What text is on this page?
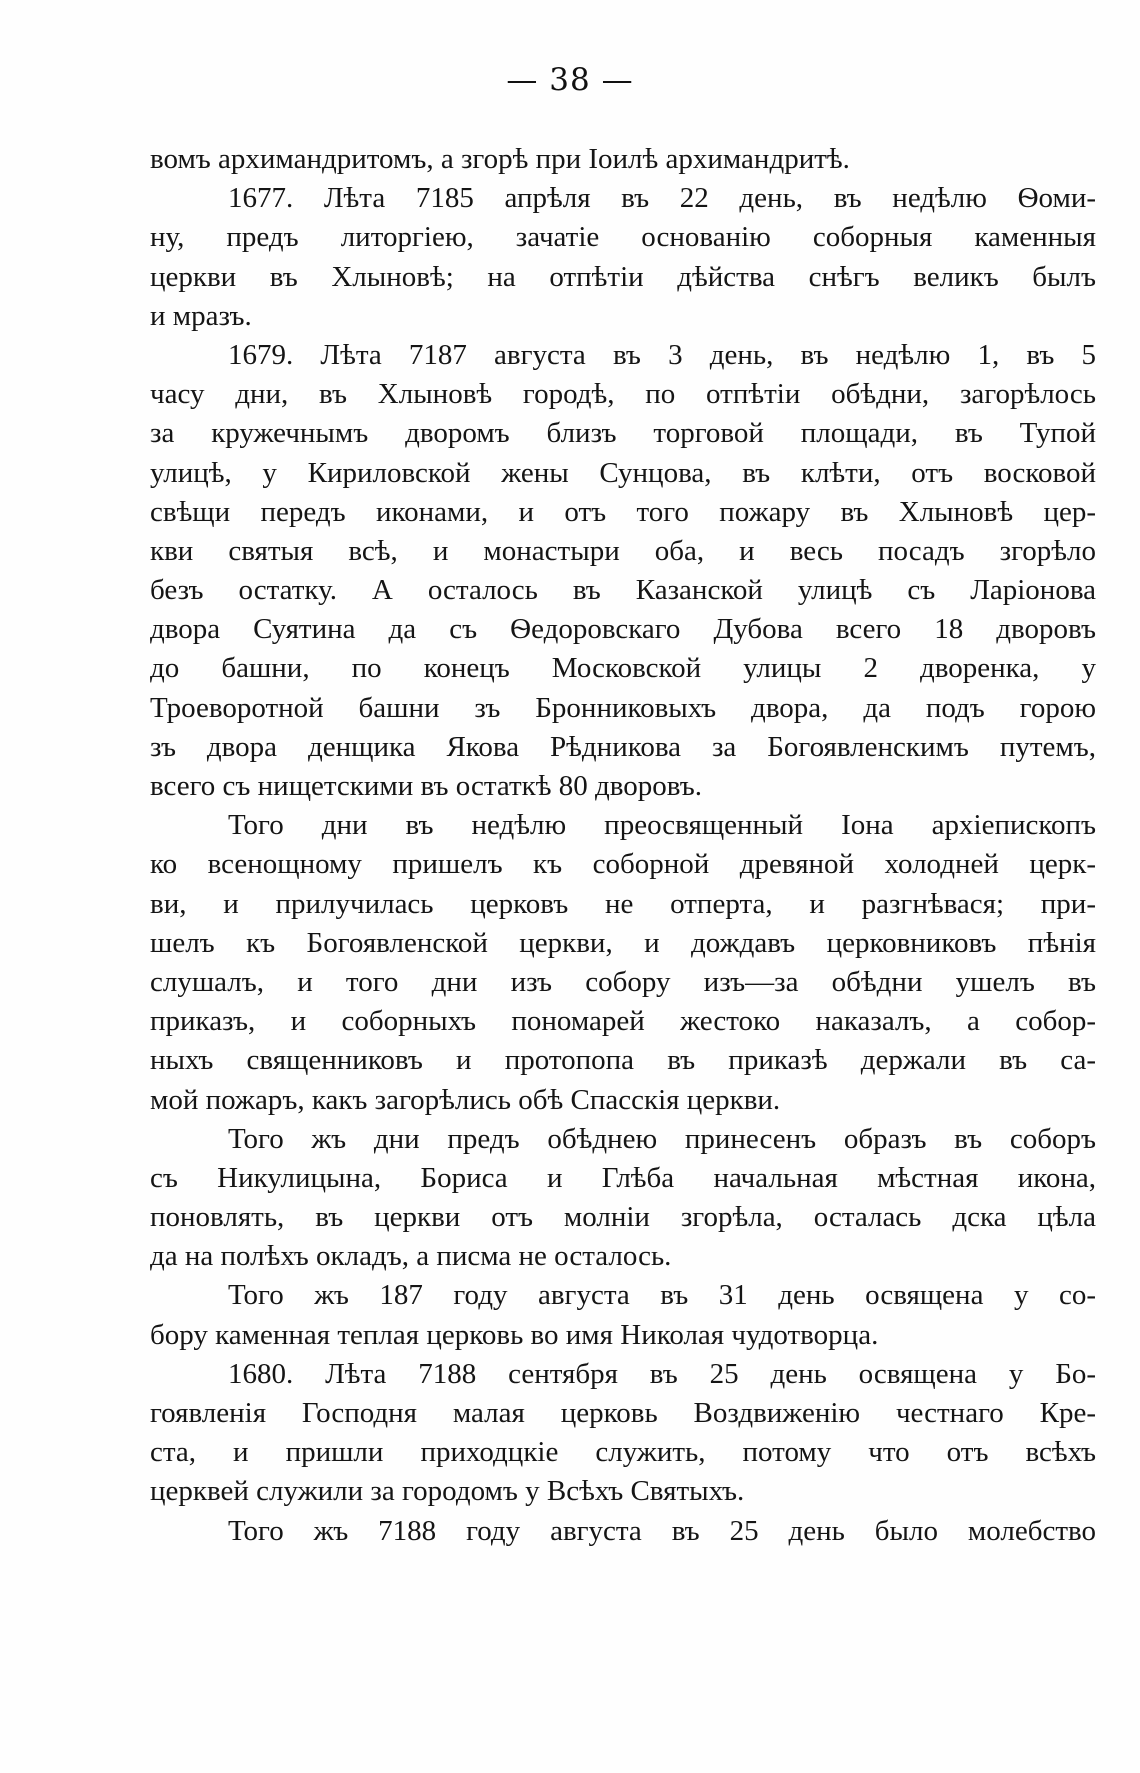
— 38 —
вомъ архимандритомъ, а згорѣ при Іоилѣ архимандритѣ.
1677. Лѣта 7185 апрѣля въ 22 день, въ недѣлю Ѳоми-
ну, предъ литоргіею, зачатіе основанію соборныя каменныя
церкви въ Хлыновѣ; на отпѣтіи дѣйства снѣгъ великъ былъ
и мразъ.
1679. Лѣта 7187 августа въ 3 день, въ недѣлю 1, въ 5
часу дни, въ Хлыновѣ городѣ, по отпѣтіи обѣдни, загорѣлось
за кружечнымъ дворомъ близъ торговой площади, въ Тупой
улицѣ, у Кириловской жены Сунцова, въ клѣти, отъ восковой
свѣщи передъ иконами, и отъ того пожару въ Хлыновѣ цер-
кви святыя всѣ, и монастыри оба, и весь посадъ згорѣло
безъ остатку. А осталось въ Казанской улицѣ съ Ларіонова
двора Суятина да съ Ѳедоровскаго Дубова всего 18 дворовъ
до башни, по конецъ Московской улицы 2 дворенка, у
Троеворотной башни зъ Бронниковыхъ двора, да подъ горою
зъ двора денщика Якова Рѣдникова за Богоявленскимъ путемъ,
всего съ нищетскими въ остаткѣ 80 дворовъ.
Того дни въ недѣлю преосвященный Іона архіепископъ
ко всенощному пришелъ къ соборной древяной холодней церк-
ви, и прилучилась церковъ не отперта, и разгнѣвася; при-
шелъ къ Богоявленской церкви, и дождавъ церковниковъ пѣнія
слушалъ, и того дни изъ собору изъ—за обѣдни ушелъ въ
приказъ, и соборныхъ пономарей жестоко наказалъ, а собор-
ныхъ священниковъ и протопопа въ приказѣ держали въ са-
мой пожаръ, какъ загорѣлись обѣ Спасскія церкви.
Того жъ дни предъ обѣднею принесенъ образъ въ соборъ
съ Никулицына, Бориса и Глѣба начальная мѣстная икона,
поновлять, въ церкви отъ молніи згорѣла, осталась дска цѣла
да на полѣхъ окладъ, а писма не осталось.
Того жъ 187 году августа въ 31 день освящена у со-
бору каменная теплая церковь во имя Николая чудотворца.
1680. Лѣта 7188 сентября въ 25 день освящена у Бо-
гоявленія Господня малая церковь Воздвиженію честнаго Кре-
ста, и пришли приходцкіе служить, потому что отъ всѣхъ
церквей служили за городомъ у Всѣхъ Святыхъ.
Того жъ 7188 году августа въ 25 день было молебство
